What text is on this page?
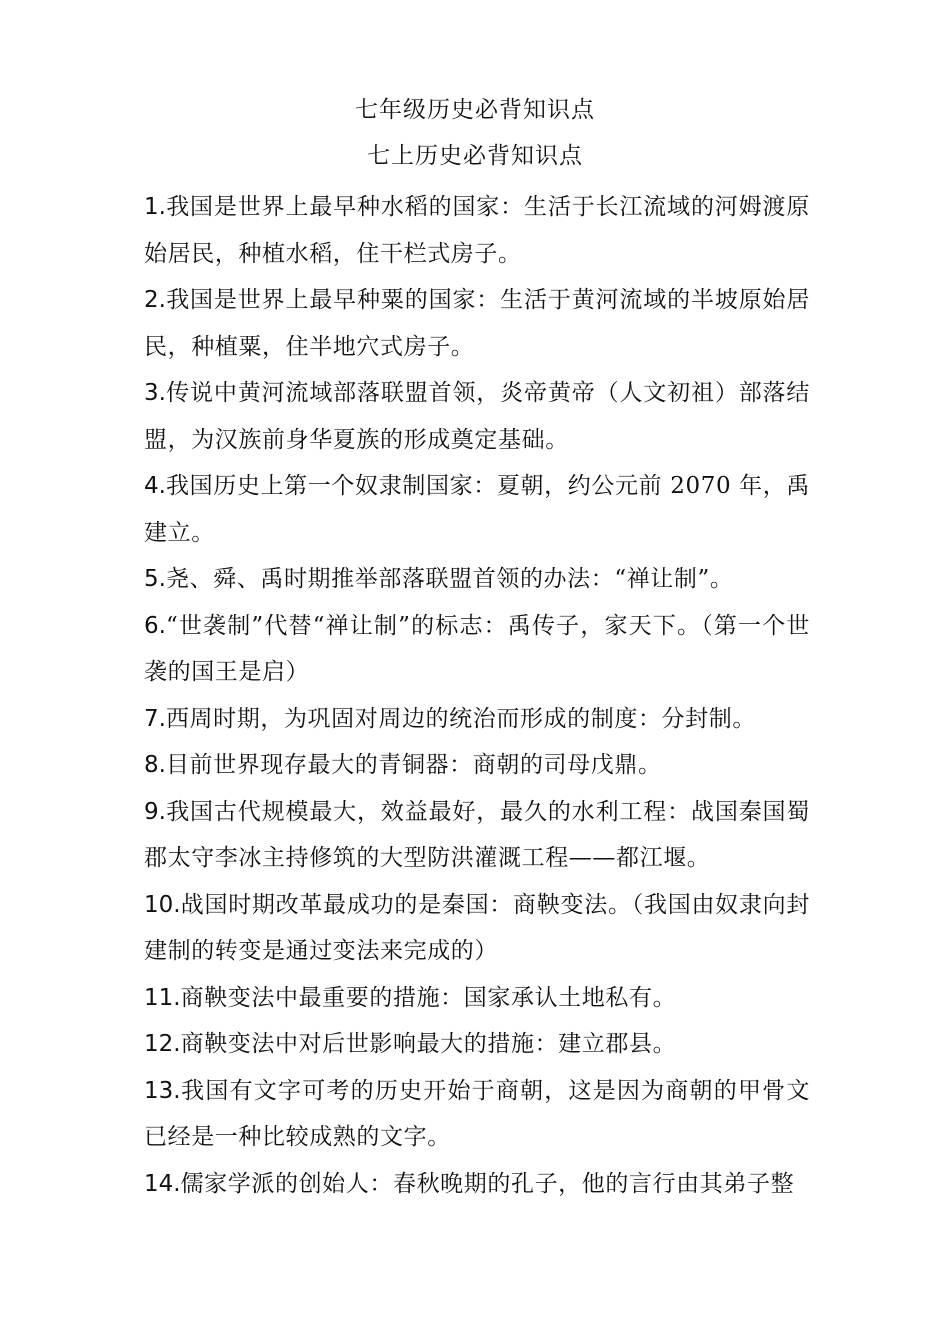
七年级历史必背知识点
七上历史必背知识点
1.我国是世界上最早种水稻的国家：生活于长江流域的河姆渡原始居民，种植水稻，住干栏式房子。
2.我国是世界上最早种粟的国家：生活于黄河流域的半坡原始居民，种植粟，住半地穴式房子。
3.传说中黄河流域部落联盟首领，炎帝黄帝（人文初祖）部落结盟，为汉族前身华夏族的形成奠定基础。
4.我国历史上第一个奴隶制国家：夏朝，约公元前 2070 年，禹建立。
5.尧、舜、禹时期推举部落联盟首领的办法：“禅让制”。
6.“世袭制”代替“禅让制”的标志：禹传子，家天下。（第一个世袭的国王是启）
7.西周时期，为巩固对周边的统治而形成的制度：分封制。
8.目前世界现存最大的青铜器：商朝的司母戊鼎。
9.我国古代规模最大，效益最好，最久的水利工程：战国秦国蜀郡太守李冰主持修筑的大型防洪灌溉工程——都江堰。
10.战国时期改革最成功的是秦国：商鞅变法。（我国由奴隶向封建制的转变是通过变法来完成的）
11.商鞅变法中最重要的措施：国家承认土地私有。
12.商鞅变法中对后世影响最大的措施：建立郡县。
13.我国有文字可考的历史开始于商朝，这是因为商朝的甲骨文已经是一种比较成熟的文字。
14.儒家学派的创始人：春秋晚期的孔子，他的言行由其弟子整
